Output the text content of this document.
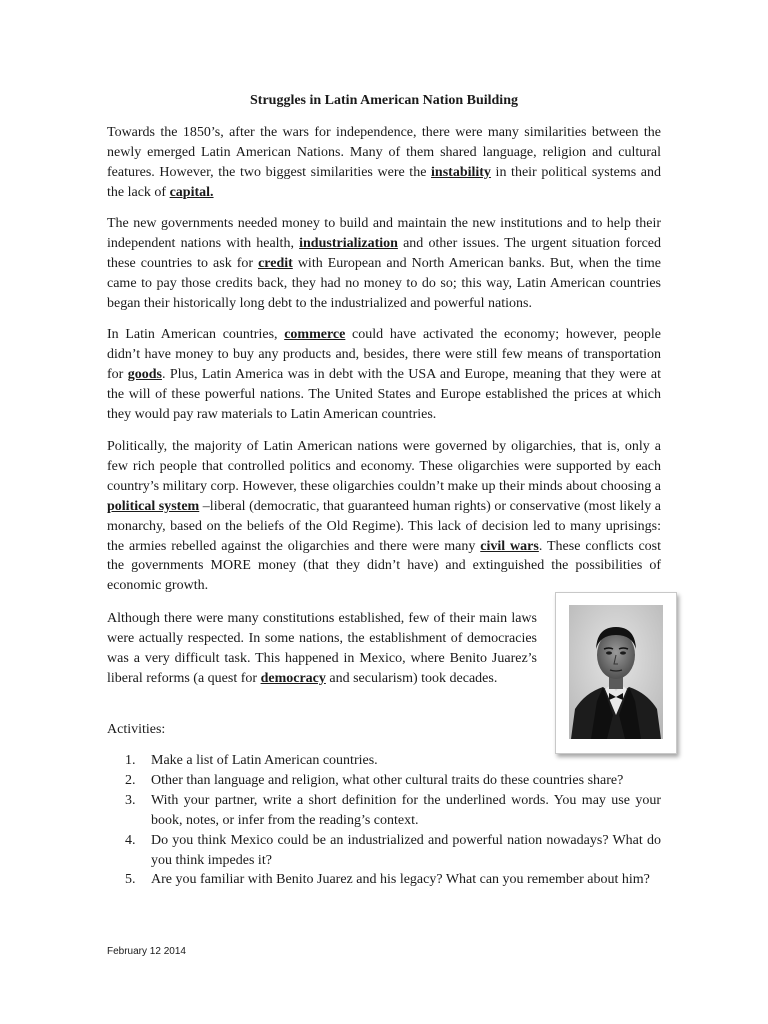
Struggles in Latin American Nation Building

Towards the 1850’s, after the wars for independence, there were many similarities between the newly emerged Latin American Nations. Many of them shared language, religion and cultural features. However, the two biggest similarities were the instability in their political systems and the lack of capital.

The new governments needed money to build and maintain the new institutions and to help their independent nations with health, industrialization and other issues. The urgent situation forced these countries to ask for credit with European and North American banks. But, when the time came to pay those credits back, they had no money to do so; this way, Latin American countries began their historically long debt to the industrialized and powerful nations.

In Latin American countries, commerce could have activated the economy; however, people didn’t have money to buy any products and, besides, there were still few means of transportation for goods. Plus, Latin America was in debt with the USA and Europe, meaning that they were at the will of these powerful nations. The United States and Europe established the prices at which they would pay raw materials to Latin American countries.

Politically, the majority of Latin American nations were governed by oligarchies, that is, only a few rich people that controlled politics and economy. These oligarchies were supported by each country’s military corp. However, these oligarchies couldn’t make up their minds about choosing a political system –liberal (democratic, that guaranteed human rights) or conservative (most likely a monarchy, based on the beliefs of the Old Regime). This lack of decision led to many uprisings: the armies rebelled against the oligarchies and there were many civil wars. These conflicts cost the governments MORE money (that they didn’t have) and extinguished the possibilities of economic growth.

Although there were many constitutions established, few of their main laws were actually respected. In some nations, the establishment of democracies was a very difficult task. This happened in Mexico, where Benito Juarez’s liberal reforms (a quest for democracy and secularism) took decades.

Activities:
1. Make a list of Latin American countries.
2. Other than language and religion, what other cultural traits do these countries share?
3. With your partner, write a short definition for the underlined words. You may use your book, notes, or infer from the reading’s context.
4. Do you think Mexico could be an industrialized and powerful nation nowadays? What do you think impedes it?
5. Are you familiar with Benito Juarez and his legacy? What can you remember about him?
February 12 2014
